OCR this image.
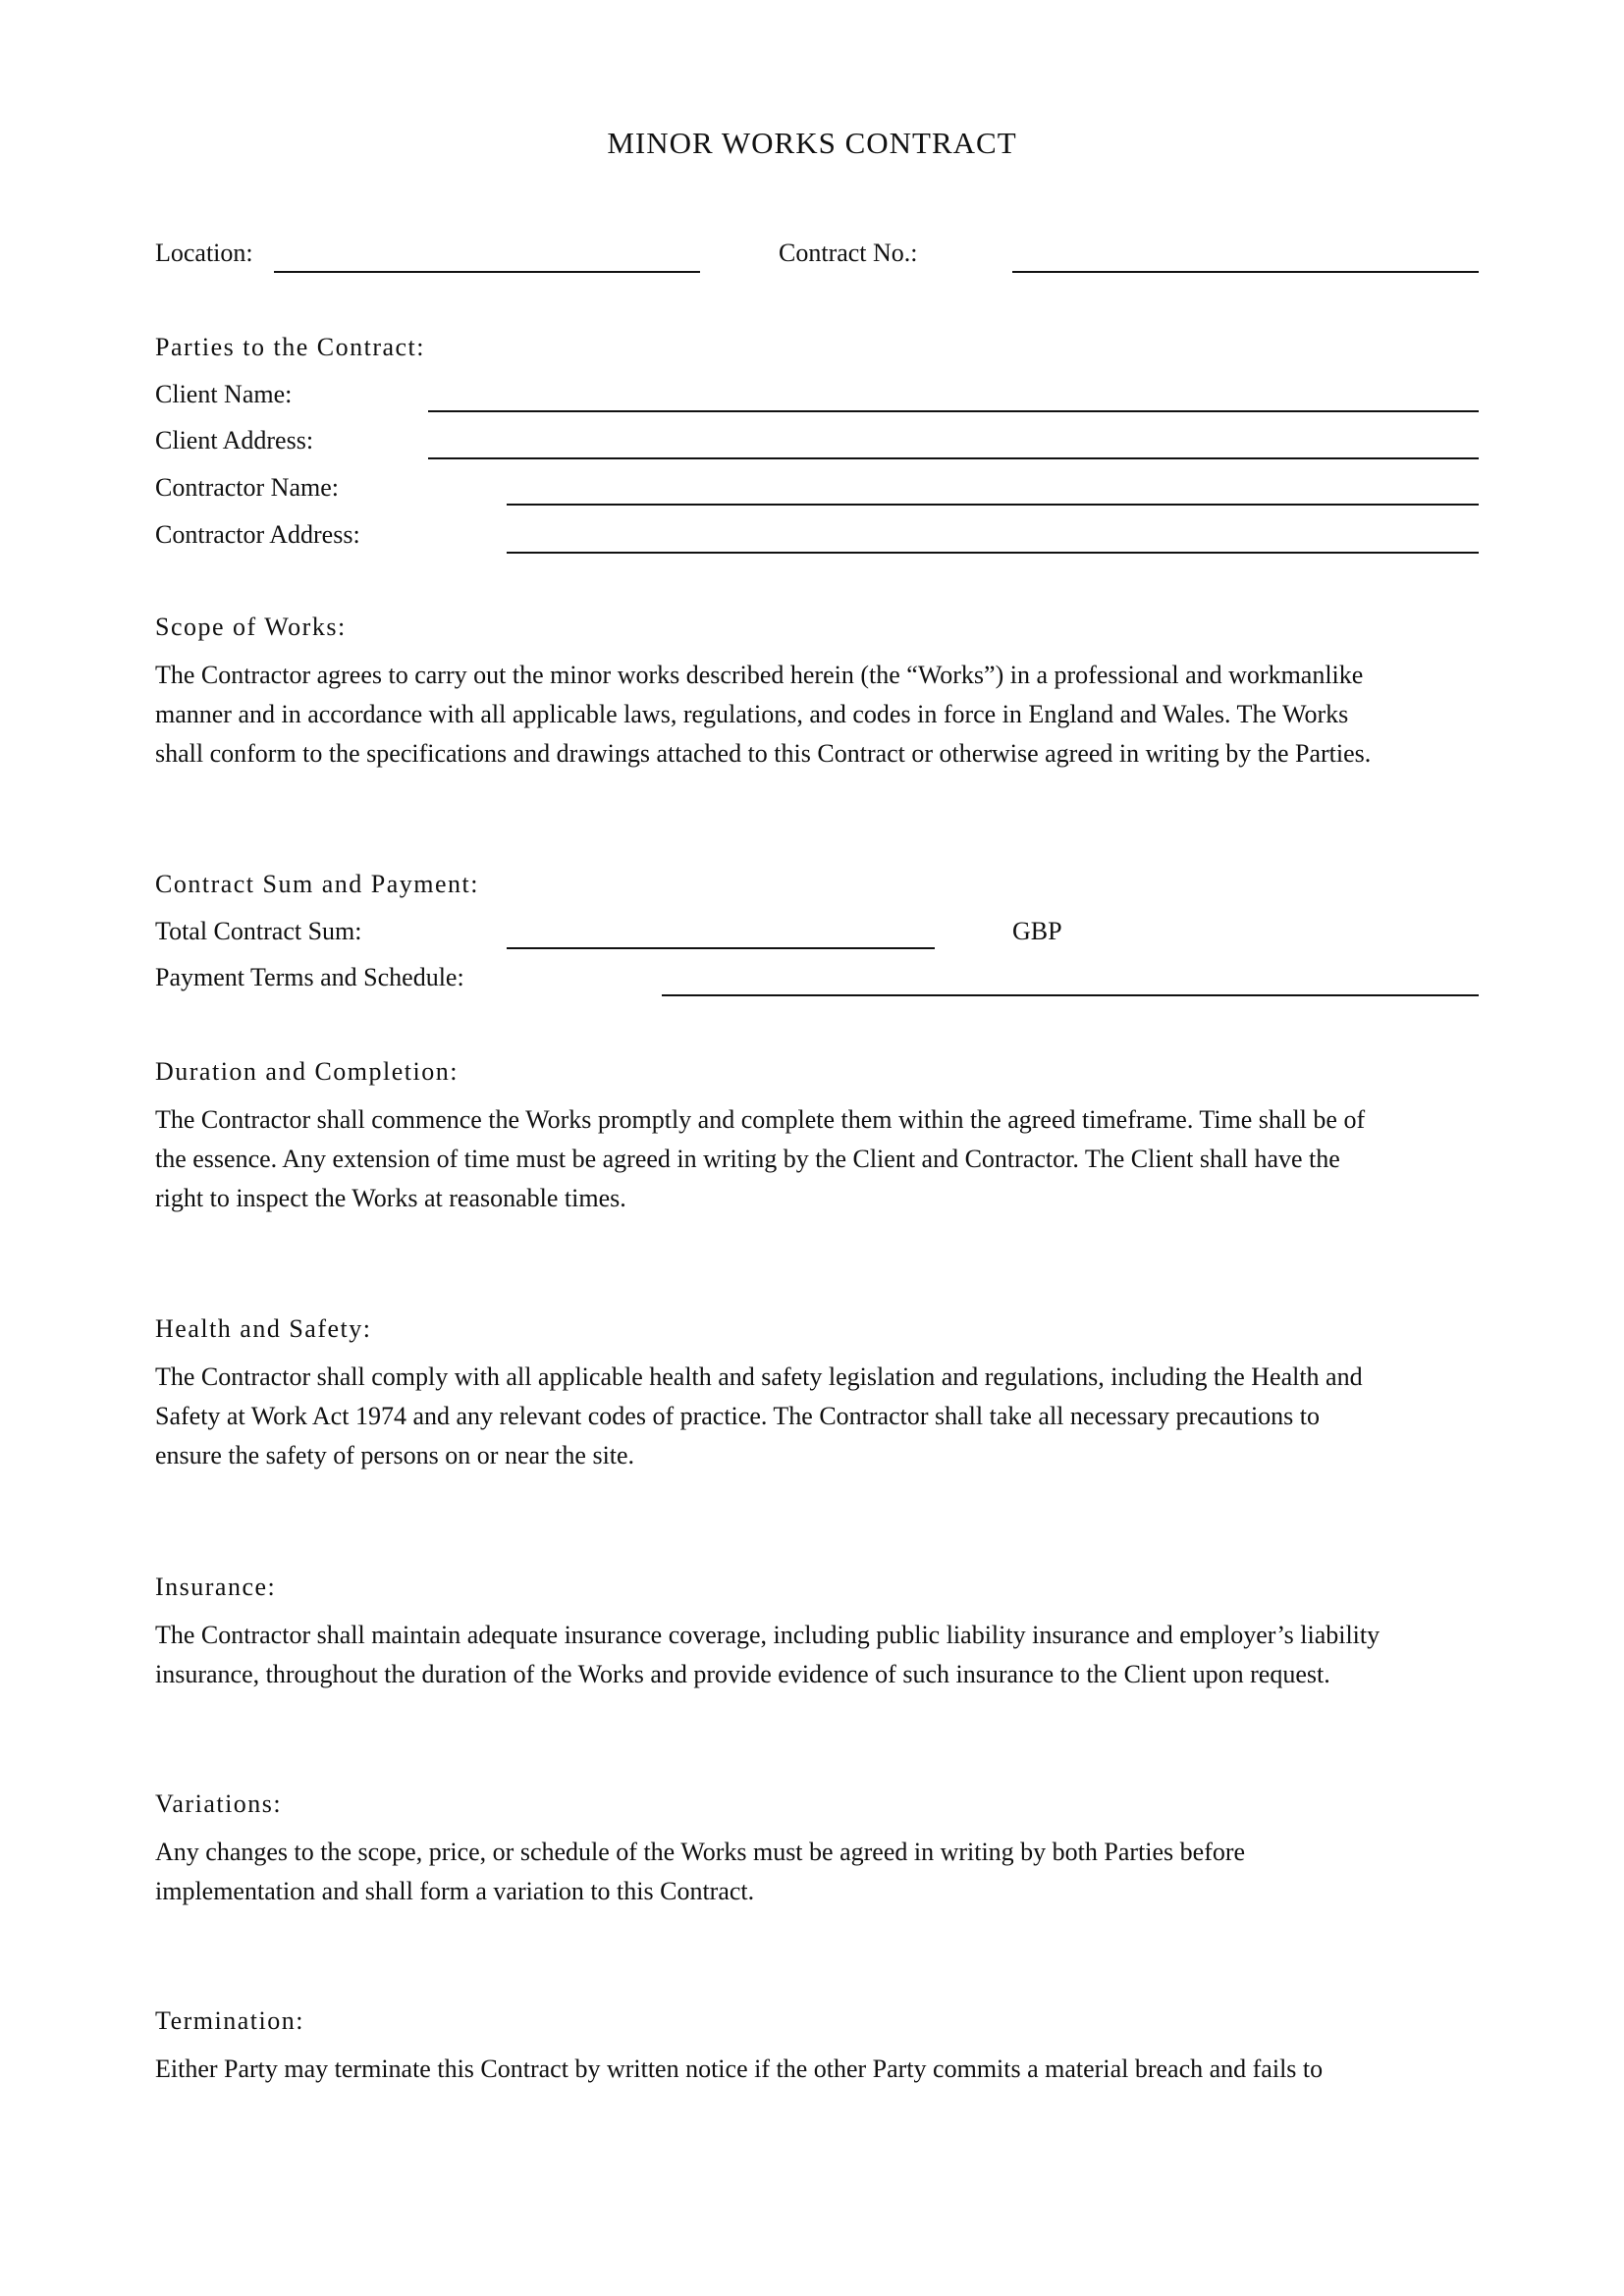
MINOR WORKS CONTRACT
Location:	Contract No.:
Parties to the Contract:
Client Name:
Client Address:
Contractor Name:
Contractor Address:
Scope of Works:

The Contractor agrees to carry out the minor works described herein (the “Works”) in a professional and workmanlike

manner and in accordance with all applicable laws, regulations, and codes in force in England and Wales. The Works

shall conform to the specifications and drawings attached to this Contract or otherwise agreed in writing by the Parties.

Contract Sum and Payment:
Total Contract Sum:	GBP
Payment Terms and Schedule:
Duration and Completion:

The Contractor shall commence the Works promptly and complete them within the agreed timeframe. Time shall be of

the essence. Any extension of time must be agreed in writing by the Client and Contractor. The Client shall have the

right to inspect the Works at reasonable times.

Health and Safety:

The Contractor shall comply with all applicable health and safety legislation and regulations, including the Health and

Safety at Work Act 1974 and any relevant codes of practice. The Contractor shall take all necessary precautions to

ensure the safety of persons on or near the site.

Insurance:

The Contractor shall maintain adequate insurance coverage, including public liability insurance and employer’s liability

insurance, throughout the duration of the Works and provide evidence of such insurance to the Client upon request.

Variations:

Any changes to the scope, price, or schedule of the Works must be agreed in writing by both Parties before

implementation and shall form a variation to this Contract.

Termination:

Either Party may terminate this Contract by written notice if the other Party commits a material breach and fails to
